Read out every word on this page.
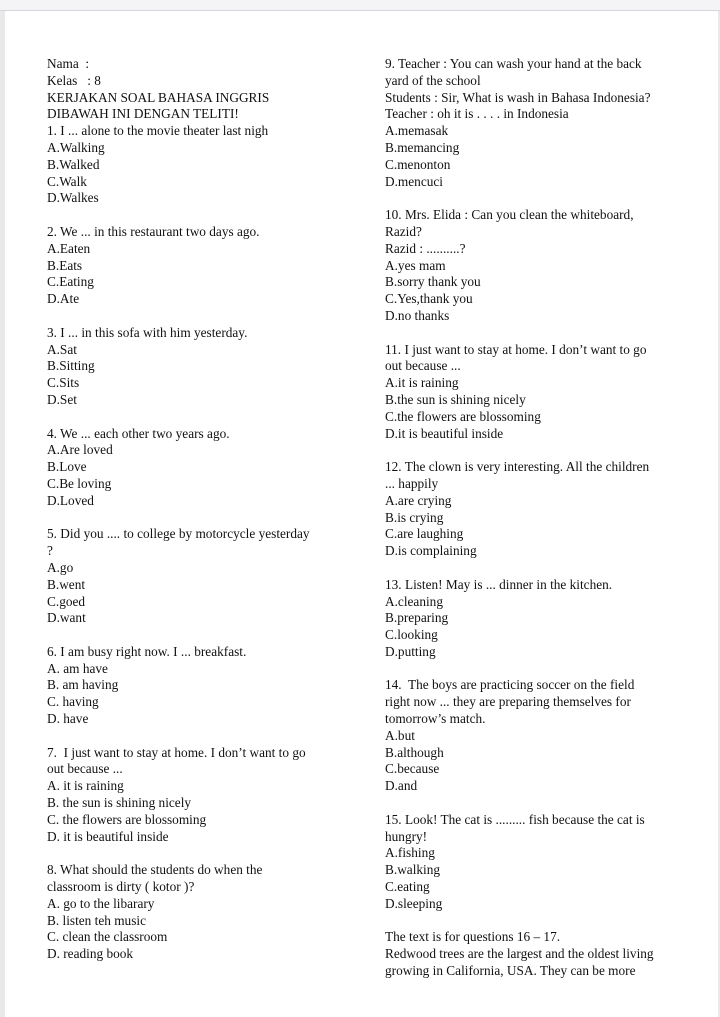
Nama  :
Kelas   : 8
KERJAKAN SOAL BAHASA INGGRIS
DIBAWAH INI DENGAN TELITI!
1. I ... alone to the movie theater last nigh
A.Walking
B.Walked
C.Walk
D.Walkes
2. We ... in this restaurant two days ago.
A.Eaten
B.Eats
C.Eating
D.Ate
3. I ... in this sofa with him yesterday.
A.Sat
B.Sitting
C.Sits
D.Set
4. We ... each other two years ago.
A.Are loved
B.Love
C.Be loving
D.Loved
5. Did you .... to college by motorcycle yesterday
?
A.go
B.went
C.goed
D.want
6. I am busy right now. I ... breakfast.
A. am have
B. am having
C. having
D. have
7.  I just want to stay at home. I don’t want to go
out because ...
A. it is raining
B. the sun is shining nicely
C. the flowers are blossoming
D. it is beautiful inside
8. What should the students do when the
classroom is dirty ( kotor )?
A. go to the libarary
B. listen teh music
C. clean the classroom
D. reading book
9. Teacher : You can wash your hand at the back
yard of the school
Students : Sir, What is wash in Bahasa Indonesia?
Teacher : oh it is . . . . in Indonesia
A.memasak
B.memancing
C.menonton
D.mencuci
10. Mrs. Elida : Can you clean the whiteboard,
Razid?
Razid : ..........?
A.yes mam
B.sorry thank you
C.Yes,thank you
D.no thanks
11. I just want to stay at home. I don’t want to go
out because ...
A.it is raining
B.the sun is shining nicely
C.the flowers are blossoming
D.it is beautiful inside
12. The clown is very interesting. All the children
... happily
A.are crying
B.is crying
C.are laughing
D.is complaining
13. Listen! May is ... dinner in the kitchen.
A.cleaning
B.preparing
C.looking
D.putting
14.  The boys are practicing soccer on the field
right now ... they are preparing themselves for
tomorrow’s match.
A.but
B.although
C.because
D.and
15. Look! The cat is ......... fish because the cat is
hungry!
A.fishing
B.walking
C.eating
D.sleeping
The text is for questions 16 – 17.
Redwood trees are the largest and the oldest living
growing in California, USA. They can be more
